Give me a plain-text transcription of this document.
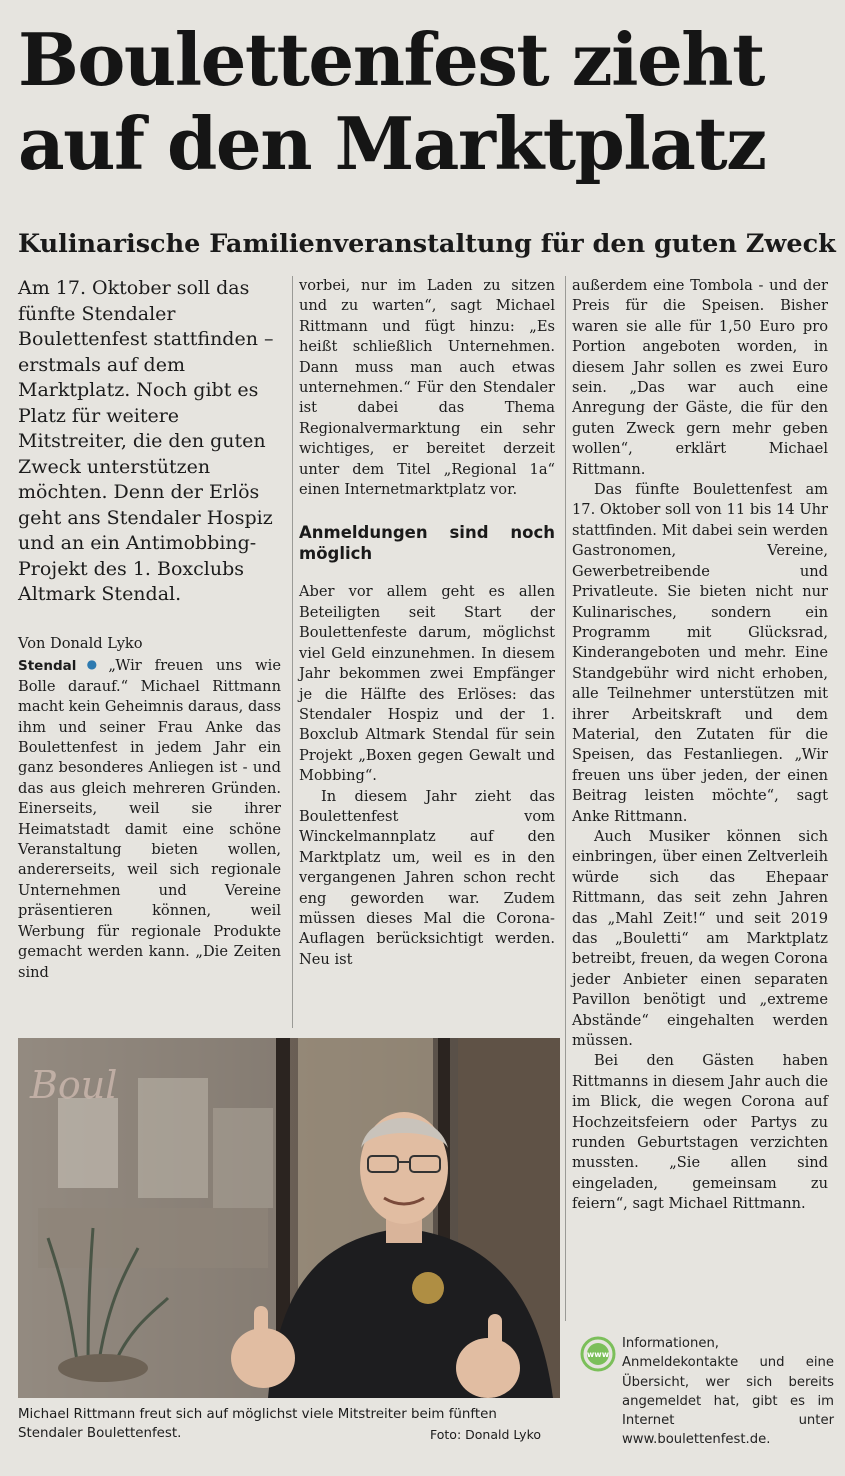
Boulettenfest zieht auf den Marktplatz
Kulinarische Familienveranstaltung für den guten Zweck

Am 17. Oktober soll das fünfte Stendaler Boulettenfest stattfinden – erstmals auf dem Marktplatz. Noch gibt es Platz für weitere Mitstreiter, die den guten Zweck unterstützen möchten. Denn der Erlös geht ans Stendaler Hospiz und an ein Antimobbing-Projekt des 1. Boxclubs Altmark Stendal.

Von Donald Lyko

Stendal ● „Wir freuen uns wie Bolle darauf.“ Michael Rittmann macht kein Geheimnis daraus, dass ihm und seiner Frau Anke das Boulettenfest in jedem Jahr ein ganz besonderes Anliegen ist - und das aus gleich mehreren Gründen. Einerseits, weil sie ihrer Heimatstadt damit eine schöne Veranstaltung bieten wollen, andererseits, weil sich regionale Unternehmen und Vereine präsentieren können, weil Werbung für regionale Produkte gemacht werden kann. „Die Zeiten sind

vorbei, nur im Laden zu sitzen und zu warten“, sagt Michael Rittmann und fügt hinzu: „Es heißt schließlich Unternehmen. Dann muss man auch etwas unternehmen.“ Für den Stendaler ist dabei das Thema Regionalvermarktung ein sehr wichtiges, er bereitet derzeit unter dem Titel „Regional 1a“ einen Internetmarktplatz vor.

Anmeldungen sind noch möglich

Aber vor allem geht es allen Beteiligten seit Start der Boulettenfeste darum, möglichst viel Geld einzunehmen. In diesem Jahr bekommen zwei Empfänger je die Hälfte des Erlöses: das Stendaler Hospiz und der 1. Boxclub Altmark Stendal für sein Projekt „Boxen gegen Gewalt und Mobbing“.

In diesem Jahr zieht das Boulettenfest vom Winckelmannplatz auf den Marktplatz um, weil es in den vergangenen Jahren schon recht eng geworden war. Zudem müssen dieses Mal die Corona-Auflagen berücksichtigt werden. Neu ist

außerdem eine Tombola - und der Preis für die Speisen. Bisher waren sie alle für 1,50 Euro pro Portion angeboten worden, in diesem Jahr sollen es zwei Euro sein. „Das war auch eine Anregung der Gäste, die für den guten Zweck gern mehr geben wollen“, erklärt Michael Rittmann.

Das fünfte Boulettenfest am 17. Oktober soll von 11 bis 14 Uhr stattfinden. Mit dabei sein werden Gastronomen, Vereine, Gewerbetreibende und Privatleute. Sie bieten nicht nur Kulinarisches, sondern ein Programm mit Glücksrad, Kinderangeboten und mehr. Eine Standgebühr wird nicht erhoben, alle Teilnehmer unterstützen mit ihrer Arbeitskraft und dem Material, den Zutaten für die Speisen, das Festanliegen. „Wir freuen uns über jeden, der einen Beitrag leisten möchte“, sagt Anke Rittmann.

Auch Musiker können sich einbringen, über einen Zeltverleih würde sich das Ehepaar Rittmann, das seit zehn Jahren das „Mahl Zeit!“ und seit 2019 das „Bouletti“ am Marktplatz betreibt, freuen, da wegen Corona jeder Anbieter einen separaten Pavillon benötigt und „extreme Abstände“ eingehalten werden müssen.

Bei den Gästen haben Rittmanns in diesem Jahr auch die im Blick, die wegen Corona auf Hochzeitsfeiern oder Partys zu runden Geburtstagen verzichten mussten. „Sie allen sind eingeladen, gemeinsam zu feiern“, sagt Michael Rittmann.

Boul

Michael Rittmann freut sich auf möglichst viele Mitstreiter beim fünften Stendaler Boulettenfest.	Foto: Donald Lyko

www

Informationen, Anmeldekontakte und eine Übersicht, wer sich bereits angemeldet hat, gibt es im Internet unter www.boulettenfest.de.
